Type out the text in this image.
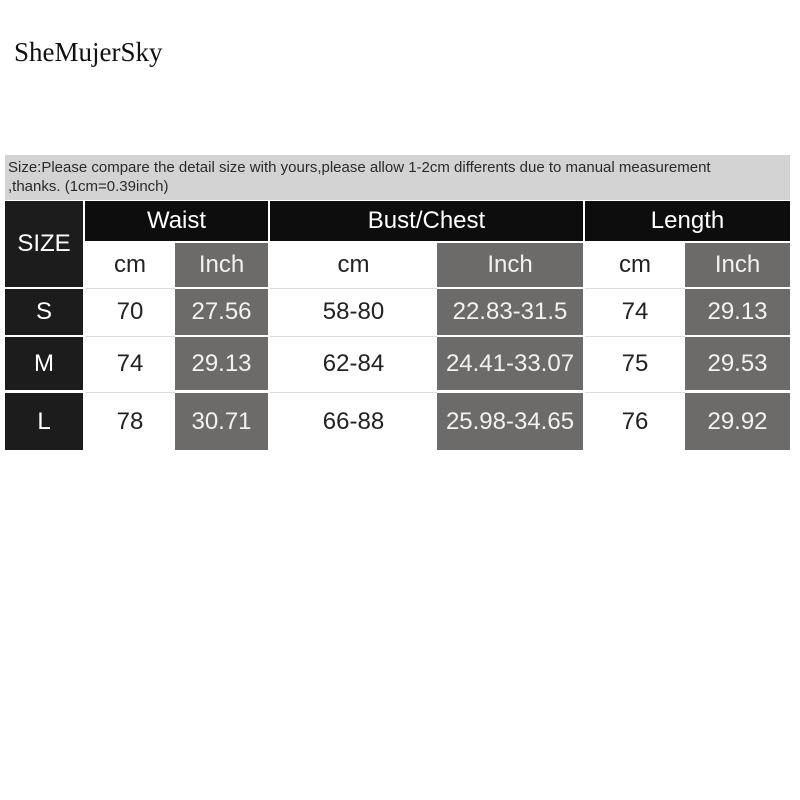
SheMujerSky
Size:Please compare the detail size with yours,please allow 1-2cm differents due to manual measurement
,thanks. (1cm=0.39inch)
SIZE
Waist	Bust/Chest	Length
cm	Inch	cm	Inch	cm	Inch
S	70	27.56	58-80	22.83-31.5	74	29.13
M	74	29.13	62-84	24.41-33.07	75	29.53
L	78	30.71	66-88	25.98-34.65	76	29.92
